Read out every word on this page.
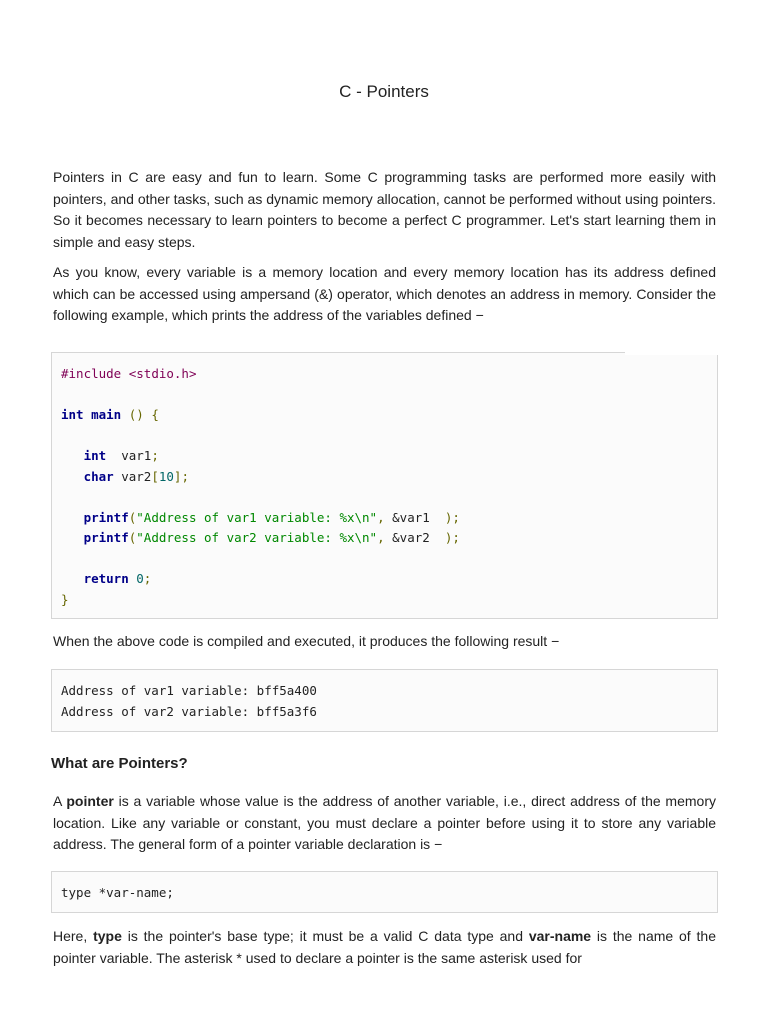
C - Pointers

Pointers in C are easy and fun to learn. Some C programming tasks are performed more easily with pointers, and other tasks, such as dynamic memory allocation, cannot be performed without using pointers. So it becomes necessary to learn pointers to become a perfect C programmer. Let's start learning them in simple and easy steps.

As you know, every variable is a memory location and every memory location has its address defined which can be accessed using ampersand (&) operator, which denotes an address in memory. Consider the following example, which prints the address of the variables defined −

#include <stdio.h>

int main () {

int var1;
char var2[10];

printf("Address of var1 variable: %x\n", &var1 );
printf("Address of var2 variable: %x\n", &var2 );

return 0;
}

When the above code is compiled and executed, it produces the following result −

Address of var1 variable: bff5a400
Address of var2 variable: bff5a3f6
What are Pointers?

A pointer is a variable whose value is the address of another variable, i.e., direct address of the memory location. Like any variable or constant, you must declare a pointer before using it to store any variable address. The general form of a pointer variable declaration is −

type *var-name;

Here, type is the pointer's base type; it must be a valid C data type and var-name is the name of the pointer variable. The asterisk * used to declare a pointer is the same asterisk used for
